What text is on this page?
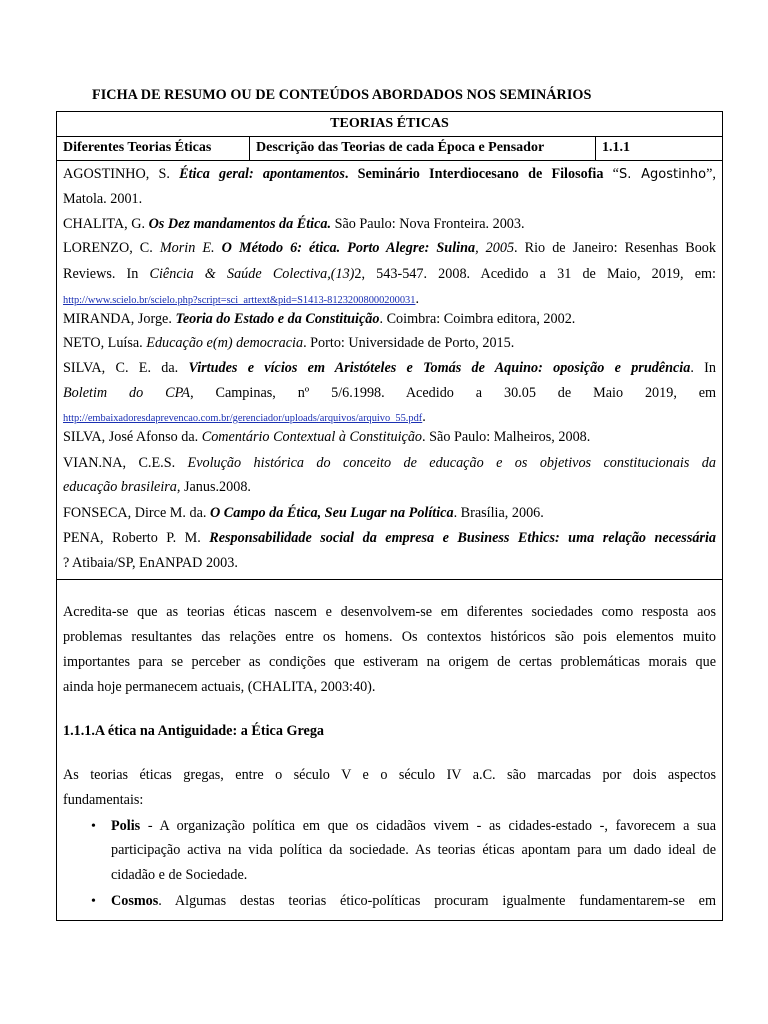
FICHA DE RESUMO OU DE CONTEÚDOS ABORDADOS NOS SEMINÁRIOS
TEORIAS ÉTICAS
Diferentes Teorias Éticas	Descrição das Teorias de cada Época e Pensador	1.1.1
AGOSTINHO, S. Ética geral: apontamentos. Seminário Interdiocesano de Filosofia “S. Agostinho”,
Matola. 2001.
CHALITA, G. Os Dez mandamentos da Ética. São Paulo: Nova Fronteira. 2003.
LORENZO, C. Morin E. O Método 6: ética. Porto Alegre: Sulina, 2005. Rio de Janeiro: Resenhas Book
Reviews. In Ciência & Saúde Colectiva,(13)2, 543-547. 2008. Acedido a 31 de Maio, 2019, em:
http://www.scielo.br/scielo.php?script=sci_arttext&pid=S1413-81232008000200031.
MIRANDA, Jorge. Teoria do Estado e da Constituição. Coimbra: Coimbra editora, 2002.
NETO, Luísa. Educação e(m) democracia. Porto: Universidade de Porto, 2015.
SILVA, C. E. da. Virtudes e vícios em Aristóteles e Tomás de Aquino: oposição e prudência. In
Boletim do CPA, Campinas, nº 5/6.1998. Acedido a 30.05 de Maio 2019, em
http://embaixadoresdaprevencao.com.br/gerenciador/uploads/arquivos/arquivo_55.pdf.
SILVA, José Afonso da. Comentário Contextual à Constituição. São Paulo: Malheiros, 2008.
VIAN.NA, C.E.S. Evolução histórica do conceito de educação e os objetivos constitucionais da
educação brasileira, Janus.2008.
FONSECA, Dirce M. da. O Campo da Ética, Seu Lugar na Política. Brasília, 2006.
PENA, Roberto P. M. Responsabilidade social da empresa e Business Ethics: uma relação necessária
? Atibaia/SP, EnANPAD 2003.
Acredita-se que as teorias éticas nascem e desenvolvem-se em diferentes sociedades como resposta aos
problemas resultantes das relações entre os homens. Os contextos históricos são pois elementos muito
importantes para se perceber as condições que estiveram na origem de certas problemáticas morais que
ainda hoje permanecem actuais, (CHALITA, 2003:40).
1.1.1.A ética na Antiguidade: a Ética Grega
As teorias éticas gregas, entre o século V e o século IV a.C. são marcadas por dois aspectos
fundamentais:
• Polis - A organização política em que os cidadãos vivem - as cidades-estado -, favorecem a sua
participação activa na vida política da sociedade. As teorias éticas apontam para um dado ideal de
cidadão e de Sociedade.
• Cosmos. Algumas destas teorias ético-políticas procuram igualmente fundamentarem-se em
